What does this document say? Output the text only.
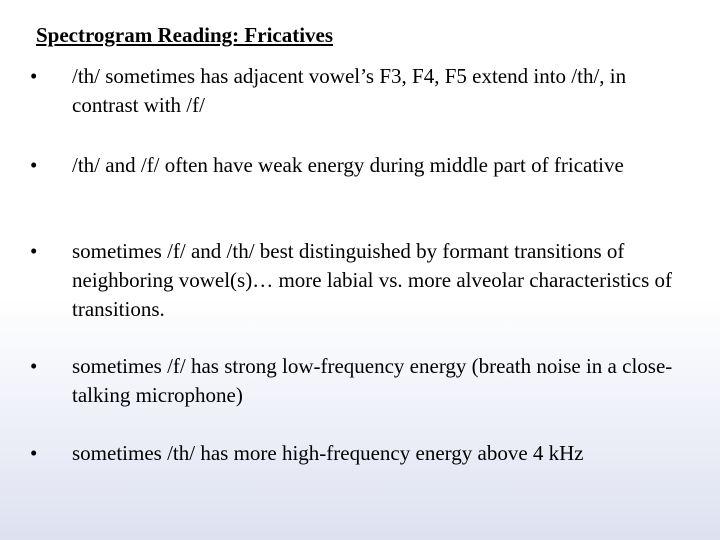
Spectrogram Reading: Fricatives
•	/th/ sometimes has adjacent vowel’s F3, F4, F5 extend into /th/, in contrast with /f/
•	/th/ and /f/ often have weak energy during middle part of fricative
•	sometimes /f/ and /th/ best distinguished by formant transitions of neighboring vowel(s)… more labial vs. more alveolar characteristics of transitions.
•	sometimes /f/ has strong low-frequency energy (breath noise in a close-talking microphone)
•	sometimes /th/ has more high-frequency energy above 4 kHz
